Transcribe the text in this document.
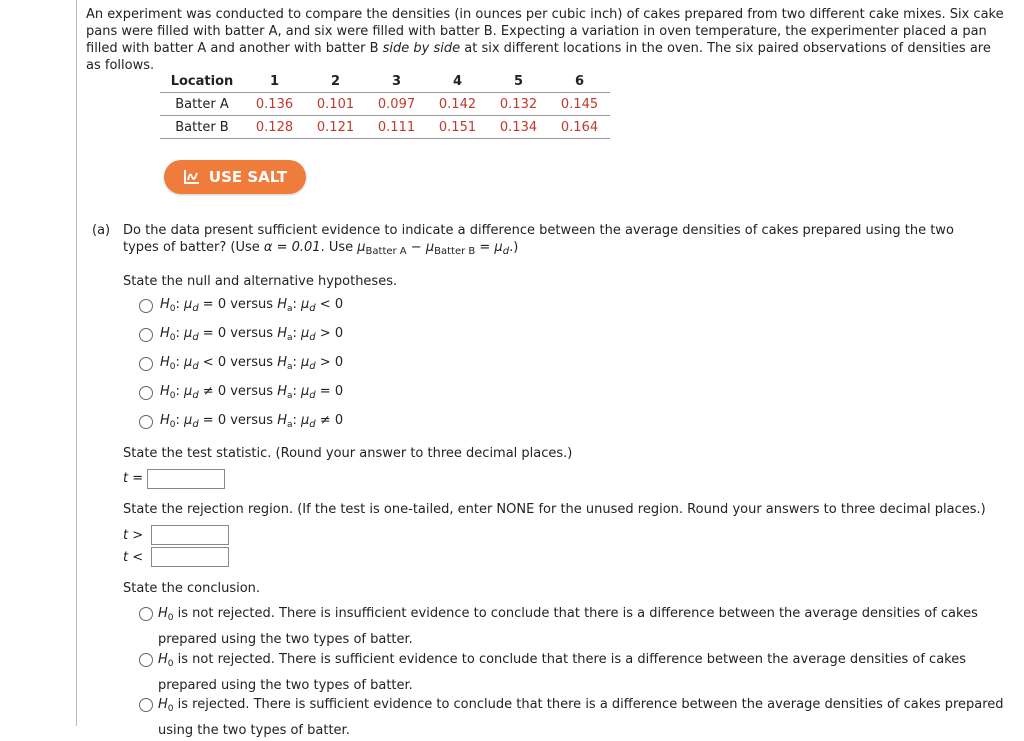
An experiment was conducted to compare the densities (in ounces per cubic inch) of cakes prepared from two different cake mixes. Six cake pans were filled with batter A, and six were filled with batter B. Expecting a variation in oven temperature, the experimenter placed a pan filled with batter A and another with batter B side by side at six different locations in the oven. The six paired observations of densities are as follows.
Location	1	2	3	4	5	6
Batter A	0.136	0.101	0.097	0.142	0.132	0.145
Batter B	0.128	0.121	0.111	0.151	0.134	0.164
USE SALT
(a) Do the data present sufficient evidence to indicate a difference between the average densities of cakes prepared using the two types of batter? (Use α = 0.01. Use $\mu_{Batter A} - \mu_{Batter B} = \mu_d$.)
State the null and alternative hypotheses.
$H_0$: $\mu_d = 0$ versus $H_a$: $\mu_d < 0$
$H_0$: $\mu_d = 0$ versus $H_a$: $\mu_d > 0$
$H_0$: $\mu_d < 0$ versus $H_a$: $\mu_d > 0$
$H_0$: $\mu_d \ne 0$ versus $H_a$: $\mu_d = 0$
$H_0$: $\mu_d = 0$ versus $H_a$: $\mu_d \ne 0$
State the test statistic. (Round your answer to three decimal places.)
t =
State the rejection region. (If the test is one-tailed, enter NONE for the unused region. Round your answers to three decimal places.)
t >
t <
State the conclusion.
$H_0$ is not rejected. There is insufficient evidence to conclude that there is a difference between the average densities of cakes prepared using the two types of batter.
$H_0$ is not rejected. There is sufficient evidence to conclude that there is a difference between the average densities of cakes prepared using the two types of batter.
$H_0$ is rejected. There is sufficient evidence to conclude that there is a difference between the average densities of cakes prepared using the two types of batter.
